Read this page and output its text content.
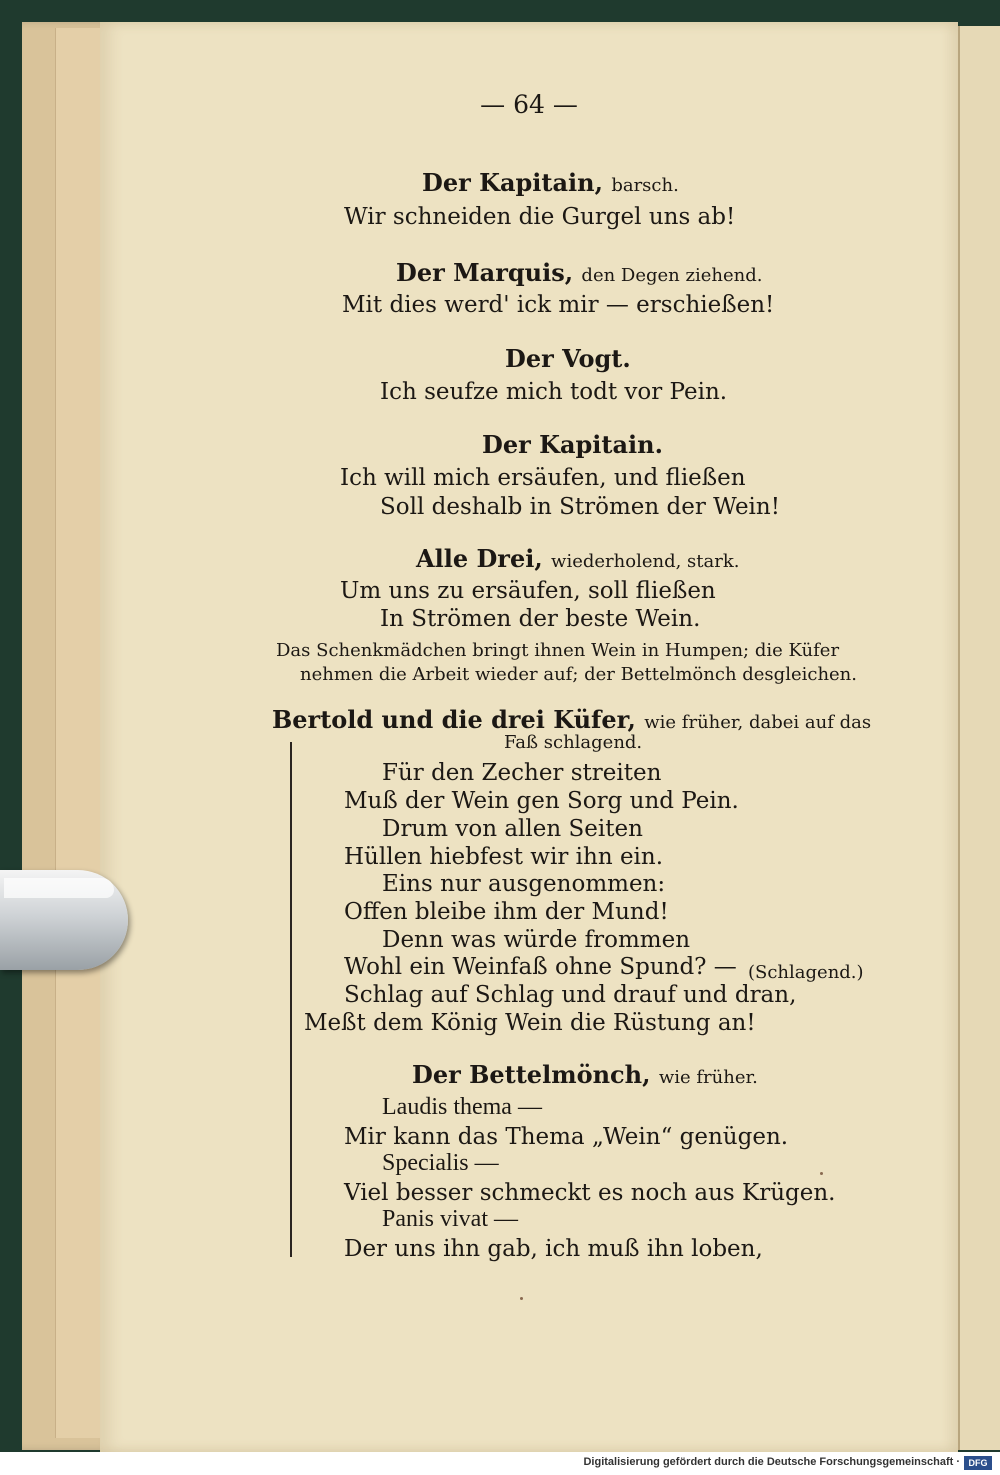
— 64 —
Der Kapitain, barsch.
Wir schneiden die Gurgel uns ab!
Der Marquis, den Degen ziehend.
Mit dies werd' ick mir — erschießen!
Der Vogt.
Ich seufze mich todt vor Pein.
Der Kapitain.
Ich will mich ersäufen, und fließen
Soll deshalb in Strömen der Wein!
Alle Drei, wiederholend, stark.
Um uns zu ersäufen, soll fließen
In Strömen der beste Wein.
Das Schenkmädchen bringt ihnen Wein in Humpen; die Küfer
nehmen die Arbeit wieder auf; der Bettelmönch desgleichen.
Bertold und die drei Küfer, wie früher, dabei auf das
Faß schlagend.
Für den Zecher streiten
Muß der Wein gen Sorg und Pein.
Drum von allen Seiten
Hüllen hiebfest wir ihn ein.
Eins nur ausgenommen:
Offen bleibe ihm der Mund!
Denn was würde frommen
Wohl ein Weinfaß ohne Spund? — (Schlagend.)
Schlag auf Schlag und drauf und dran,
Meßt dem König Wein die Rüstung an!
Der Bettelmönch, wie früher.
Laudis thema —
Mir kann das Thema „Wein“ genügen.
Specialis —
Viel besser schmeckt es noch aus Krügen.
Panis vivat —
Der uns ihn gab, ich muß ihn loben,
Digitalisierung gefördert durch die Deutsche Forschungsgemeinschaft · DFG
